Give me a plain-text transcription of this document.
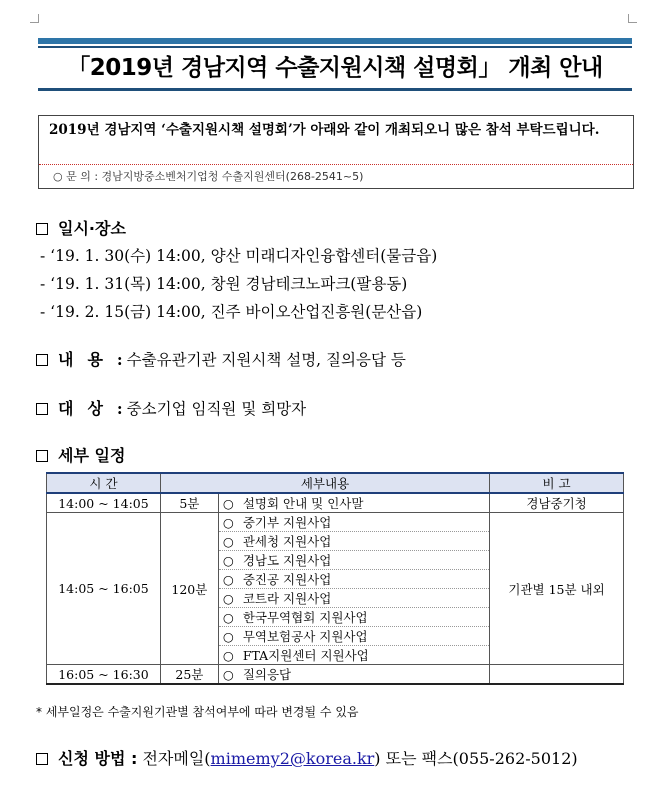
「2019년 경남지역 수출지원시책 설명회」 개최 안내
2019년 경남지역 ‘수출지원시책 설명회’가 아래와 같이 개최되오니 많은 참석 부탁드립니다.
○ 문 의 : 경남지방중소벤처기업청 수출지원센터(268-2541~5)
일시·장소
- ‘19. 1. 30(수) 14:00, 양산 미래디자인융합센터(물금읍)
- ‘19. 1. 31(목) 14:00, 창원 경남테크노파크(팔용동)
- ‘19. 2. 15(금) 14:00, 진주 바이오산업진흥원(문산읍)
내용: 수출유관기관 지원시책 설명, 질의응답 등
대상: 중소기업 임직원 및 희망자
세부 일정
시 간	세부내용		비 고
14:00 ~ 14:05	5분	○ 설명회 안내 및 인사말	경남중기청
14:05 ~ 16:05	120분	○ 중기부 지원사업	기관별 15분 내외
		○ 관세청 지원사업	
		○ 경남도 지원사업	
		○ 중진공 지원사업	
		○ 코트라 지원사업	
		○ 한국무역협회 지원사업	
		○ 무역보험공사 지원사업	
		○ FTA지원센터 지원사업	
16:05 ~ 16:30	25분	○ 질의응답	
* 세부일정은 수출지원기관별 참석여부에 따라 변경될 수 있음
신청 방법 : 전자메일(mimemy2@korea.kr) 또는 팩스(055-262-5012)
